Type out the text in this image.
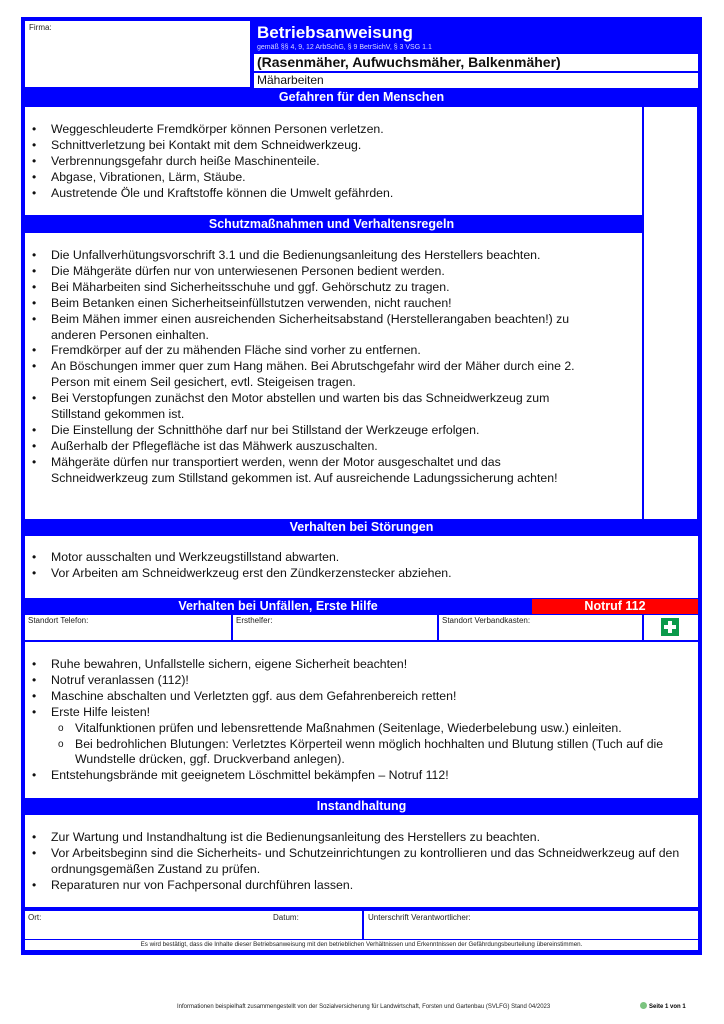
Firma:	Betriebsanweisung
gemäß §§ 4, 9, 12 ArbSchG, § 9 BetrSichV, § 3 VSG 1.1
(Rasenmäher, Aufwuchsmäher, Balkenmäher)
Mäharbeiten
Gefahren für den Menschen
• Weggeschleuderte Fremdkörper können Personen verletzen.
• Schnittverletzung bei Kontakt mit dem Schneidwerkzeug.
• Verbrennungsgefahr durch heiße Maschinenteile.
• Abgase, Vibrationen, Lärm, Stäube.
• Austretende Öle und Kraftstoffe können die Umwelt gefährden.
Schutzmaßnahmen und Verhaltensregeln
• Die Unfallverhütungsvorschrift 3.1 und die Bedienungsanleitung des Herstellers beachten.
• Die Mähgeräte dürfen nur von unterwiesenen Personen bedient werden.
• Bei Mäharbeiten sind Sicherheitsschuhe und ggf. Gehörschutz zu tragen.
• Beim Betanken einen Sicherheitseinfüllstutzen verwenden, nicht rauchen!
• Beim Mähen immer einen ausreichenden Sicherheitsabstand (Herstellerangaben beachten!) zu anderen Personen einhalten.
• Fremdkörper auf der zu mähenden Fläche sind vorher zu entfernen.
• An Böschungen immer quer zum Hang mähen. Bei Abrutschgefahr wird der Mäher durch eine 2. Person mit einem Seil gesichert, evtl. Steigeisen tragen.
• Bei Verstopfungen zunächst den Motor abstellen und warten bis das Schneidwerkzeug zum Stillstand gekommen ist.
• Die Einstellung der Schnitthöhe darf nur bei Stillstand der Werkzeuge erfolgen.
• Außerhalb der Pflegefläche ist das Mähwerk auszuschalten.
• Mähgeräte dürfen nur transportiert werden, wenn der Motor ausgeschaltet und das Schneidwerkzeug zum Stillstand gekommen ist. Auf ausreichende Ladungssicherung achten!
Verhalten bei Störungen
• Motor ausschalten und Werkzeugstillstand abwarten.
• Vor Arbeiten am Schneidwerkzeug erst den Zündkerzenstecker abziehen.
Verhalten bei Unfällen, Erste Hilfe	Notruf 112
Standort Telefon:	Ersthelfer:	Standort Verbandkasten:
• Ruhe bewahren, Unfallstelle sichern, eigene Sicherheit beachten!
• Notruf veranlassen (112)!
• Maschine abschalten und Verletzten ggf. aus dem Gefahrenbereich retten!
• Erste Hilfe leisten!
o Vitalfunktionen prüfen und lebensrettende Maßnahmen (Seitenlage, Wiederbelebung usw.) einleiten.
o Bei bedrohlichen Blutungen: Verletztes Körperteil wenn möglich hochhalten und Blutung stillen (Tuch auf die Wundstelle drücken, ggf. Druckverband anlegen).
• Entstehungsbrände mit geeignetem Löschmittel bekämpfen – Notruf 112!
Instandhaltung
• Zur Wartung und Instandhaltung ist die Bedienungsanleitung des Herstellers zu beachten.
• Vor Arbeitsbeginn sind die Sicherheits- und Schutzeinrichtungen zu kontrollieren und das Schneidwerkzeug auf den ordnungsgemäßen Zustand zu prüfen.
• Reparaturen nur von Fachpersonal durchführen lassen.
Ort:	Datum:	Unterschrift Verantwortlicher:
Es wird bestätigt, dass die Inhalte dieser Betriebsanweisung mit den betrieblichen Verhältnissen und Erkenntnissen der Gefährdungsbeurteilung übereinstimmen.
Informationen beispielhaft zusammengestellt von der Sozialversicherung für Landwirtschaft, Forsten und Gartenbau (SVLFG) Stand 04/2023	Seite 1 von 1
